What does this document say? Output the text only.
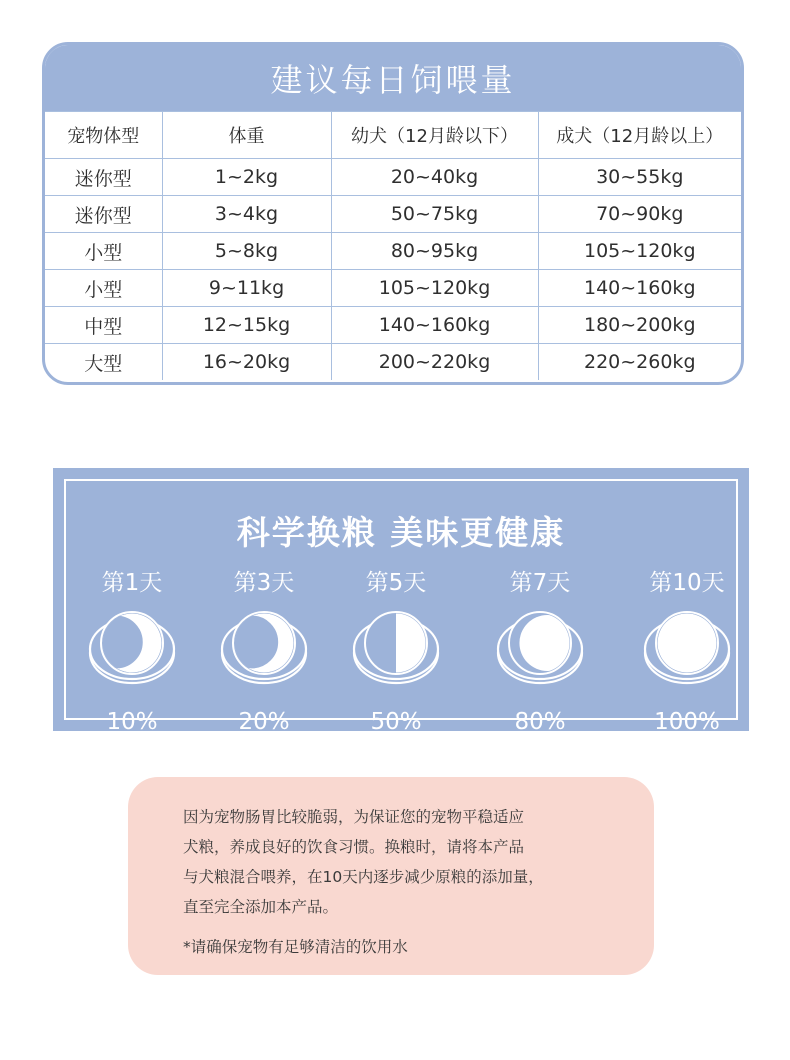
建议每日饲喂量
宠物体型	体重	幼犬（12月龄以下）	成犬（12月龄以上）
迷你型	1~2kg	20~40kg	30~55kg
迷你型	3~4kg	50~75kg	70~90kg
小型	5~8kg	80~95kg	105~120kg
小型	9~11kg	105~120kg	140~160kg
中型	12~15kg	140~160kg	180~200kg
大型	16~20kg	200~220kg	220~260kg
科学换粮 美味更健康
第1天
10%
第3天
20%
第5天
50%
第7天
80%
第10天
100%

因为宠物肠胃比较脆弱，为保证您的宠物平稳适应
犬粮，养成良好的饮食习惯。换粮时，请将本产品
与犬粮混合喂养，在10天内逐步减少原粮的添加量，
直至完全添加本产品。

*请确保宠物有足够清洁的饮用水
